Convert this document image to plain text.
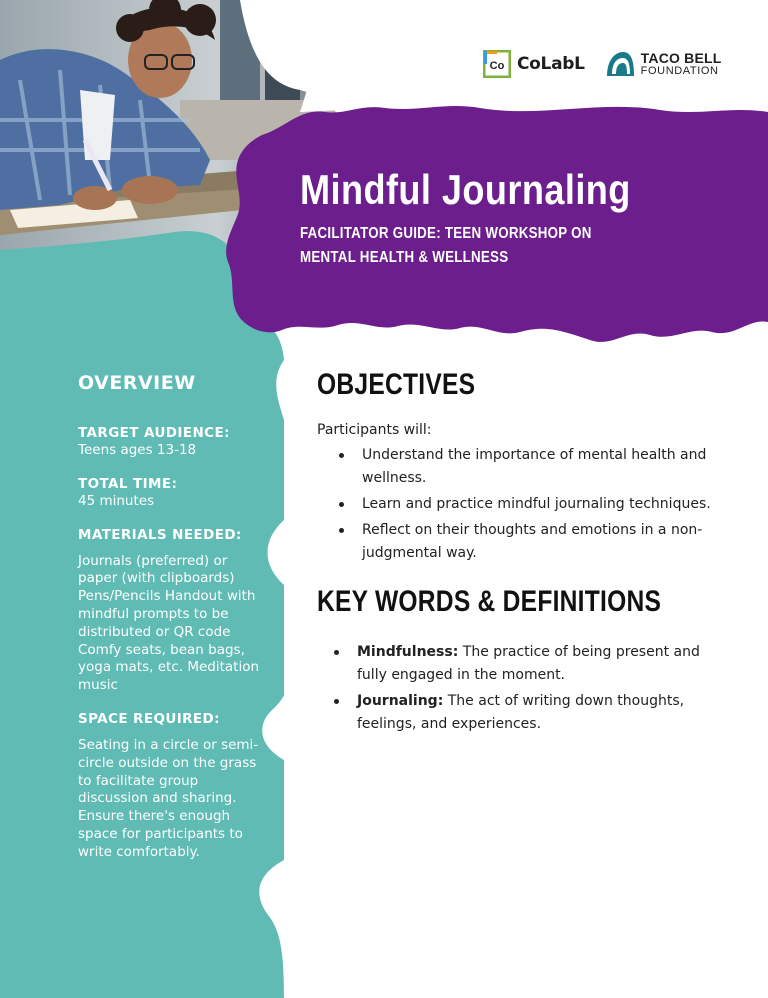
Co CoLabL	TACO BELL
FOUNDATION
Mindful Journaling
FACILITATOR GUIDE: TEEN WORKSHOP ON MENTAL HEALTH & WELLNESS
OVERVIEW
TARGET AUDIENCE:
Teens ages 13-18
TOTAL TIME:
45 minutes
MATERIALS NEEDED:
Journals (preferred) or paper (with clipboards) Pens/Pencils Handout with mindful prompts to be distributed or QR code Comfy seats, bean bags, yoga mats, etc. Meditation music
SPACE REQUIRED:
Seating in a circle or semi-circle outside on the grass to facilitate group discussion and sharing. Ensure there's enough space for participants to write comfortably.
OBJECTIVES
Participants will:
Understand the importance of mental health and wellness.
Learn and practice mindful journaling techniques.
Reflect on their thoughts and emotions in a non-judgmental way.
KEY WORDS & DEFINITIONS
Mindfulness: The practice of being present and fully engaged in the moment.
Journaling: The act of writing down thoughts, feelings, and experiences.
